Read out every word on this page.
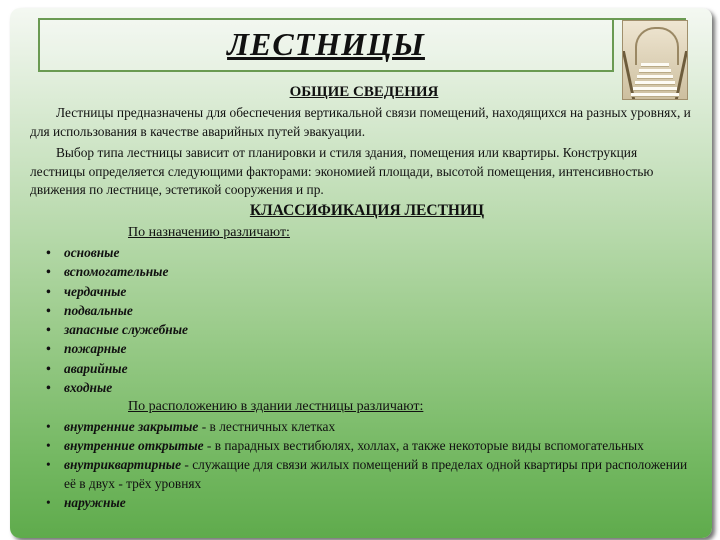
ЛЕСТНИЦЫ
ОБЩИЕ СВЕДЕНИЯ

Лестницы предназначены для обеспечения вертикальной связи помещений, находящихся на разных уровнях, и для использования в качестве аварийных путей эвакуации.

Выбор типа лестницы зависит от планировки и стиля здания, помещения или квартиры. Конструкция лестницы определяется следующими факторами: экономией площади, высотой помещения, интенсивностью движения по лестнице, эстетикой сооружения и пр.

КЛАССИФИКАЦИЯ ЛЕСТНИЦ
По назначению различают:
• основные
• вспомогательные
• чердачные
• подвальные
• запасные служебные
• пожарные
• аварийные
• входные
По расположению в здании лестницы различают:
• внутренние закрытые - в лестничных клетках
• внутренние открытые - в парадных вестибюлях, холлах, а также некоторые виды вспомогательных
• внутриквартирные - служащие для связи жилых помещений в пределах одной квартиры при расположении её в двух - трёх уровнях
• наружные
